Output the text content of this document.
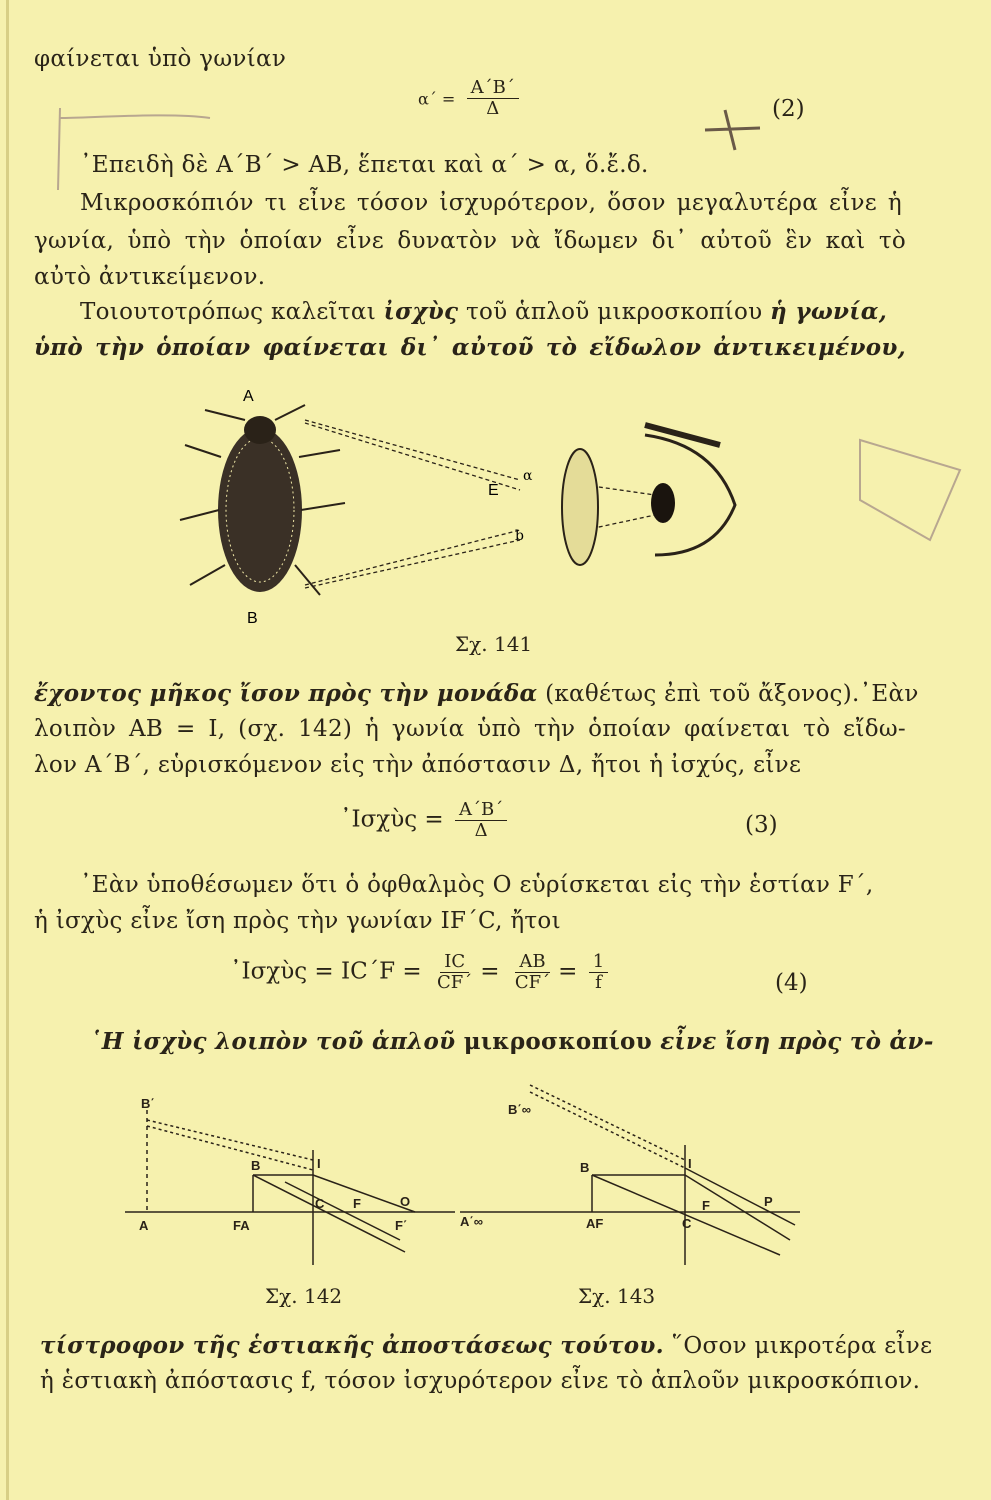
φαίνεται ὑπὸ γωνίαν
$\alpha΄ = \frac{A΄B΄}{\Delta}$	(2)
᾿Επειδὴ δὲ Α΄Β΄ > ΑΒ, ἕπεται καὶ α΄ > α, ὅ.ἔ.δ.
Μικροσκόπιόν τι εἶνε τόσον ἰσχυρότερον, ὅσον μεγαλυτέρα εἶνε ἡ
γωνία, ὑπὸ τὴν ὁποίαν εἶνε δυνατὸν νὰ ἴδωμεν δι᾿ αὐτοῦ ἓν καὶ τὸ
αὐτὸ ἀντικείμενον.
Τοιουτοτρόπως καλεῖται ἰσχὺς τοῦ ἁπλοῦ μικροσκοπίου ἡ γωνία,
ὑπὸ τὴν ὁποίαν φαίνεται δι᾿ αὐτοῦ τὸ εἴδωλον ἀντικειμένου,
Α
Β
Ε
α
b
Σχ. 141
ἔχοντος μῆκος ἴσον πρὸς τὴν μονάδα (καθέτως ἐπὶ τοῦ ἄξονος).᾿Εὰν
λοιπὸν ΑΒ = Ι, (σχ. 142) ἡ γωνία ὑπὸ τὴν ὁποίαν φαίνεται τὸ εἴδω-
λον Α΄Β΄, εὑρισκόμενον εἰς τὴν ἀπόστασιν Δ, ἤτοι ἡ ἰσχύς, εἶνε
᾿Ισχὺς = $\frac{A΄B΄}{\Delta}$	(3)
᾿Εὰν ὑποθέσωμεν ὅτι ὁ ὀφθαλμὸς Ο εὑρίσκεται εἰς τὴν ἑστίαν F΄,
ἡ ἰσχὺς εἶνε ἴση πρὸς τὴν γωνίαν IF΄C, ἤτοι
᾿Ισχὺς = $IC΄F = \frac{IC}{CF΄} = \frac{AB}{CF΄} = \frac{1}{f}$	(4)
῾Η ἰσχὺς λοιπὸν τοῦ ἁπλοῦ μικροσκοπίου εἶνε ἴση πρὸς τὸ ἀν-
B΄
B	I
A	FA
C F
F΄
O
Σχ. 142
B΄∞
B	I
A΄∞	AF	C
F	P
Σχ. 143
τίστροφον τῆς ἑστιακῆς ἀποστάσεως τούτου. ῞Οσον μικροτέρα εἶνε
ἡ ἑστιακὴ ἀπόστασις f, τόσον ἰσχυρότερον εἶνε τὸ ἁπλοῦν μικροσκόπιον.
